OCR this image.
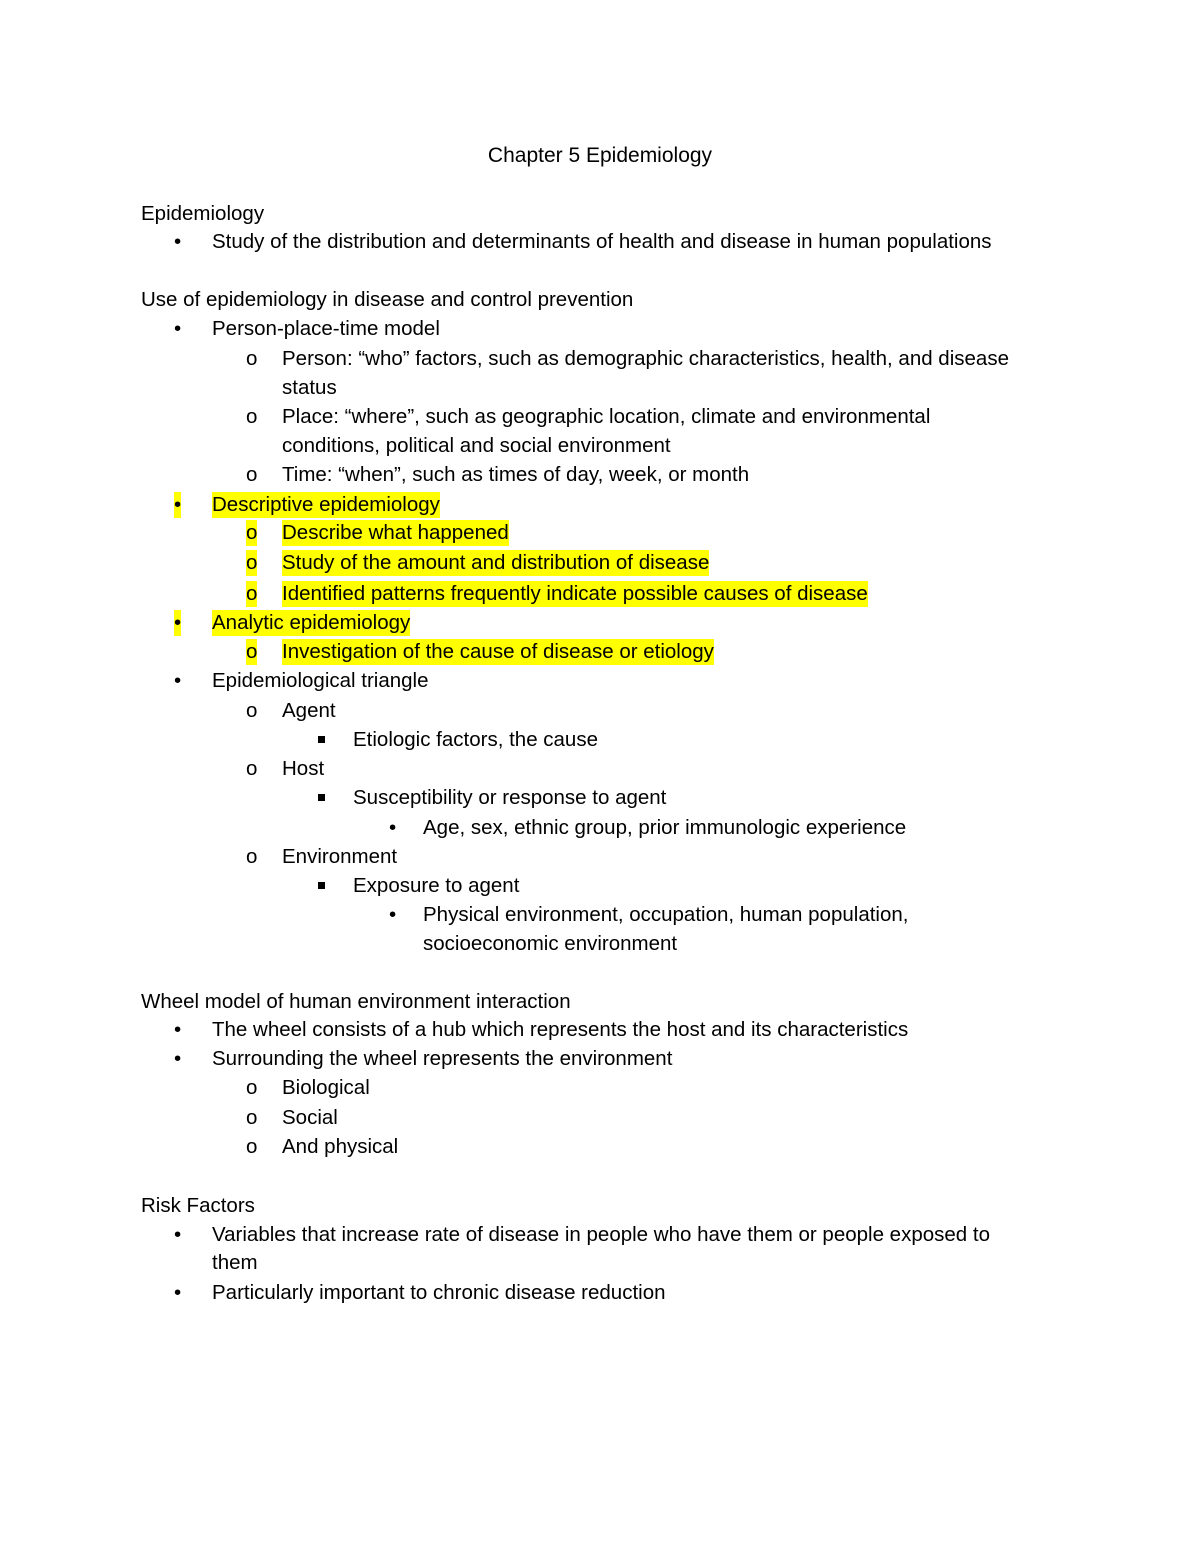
Chapter 5 Epidemiology
Epidemiology
• Study of the distribution and determinants of health and disease in human populations
Use of epidemiology in disease and control prevention
• Person-place-time model
o Person: “who” factors, such as demographic characteristics, health, and disease
status
o Place: “where”, such as geographic location, climate and environmental
conditions, political and social environment
o Time: “when”, such as times of day, week, or month
• Descriptive epidemiology
o Describe what happened
o Study of the amount and distribution of disease
o Identified patterns frequently indicate possible causes of disease
• Analytic epidemiology
o Investigation of the cause of disease or etiology
• Epidemiological triangle
o Agent
Etiologic factors, the cause
o Host
Susceptibility or response to agent
• Age, sex, ethnic group, prior immunologic experience
o Environment
Exposure to agent
• Physical environment, occupation, human population,
socioeconomic environment
Wheel model of human environment interaction
• The wheel consists of a hub which represents the host and its characteristics
• Surrounding the wheel represents the environment
o Biological
o Social
o And physical
Risk Factors
• Variables that increase rate of disease in people who have them or people exposed to
them
• Particularly important to chronic disease reduction
